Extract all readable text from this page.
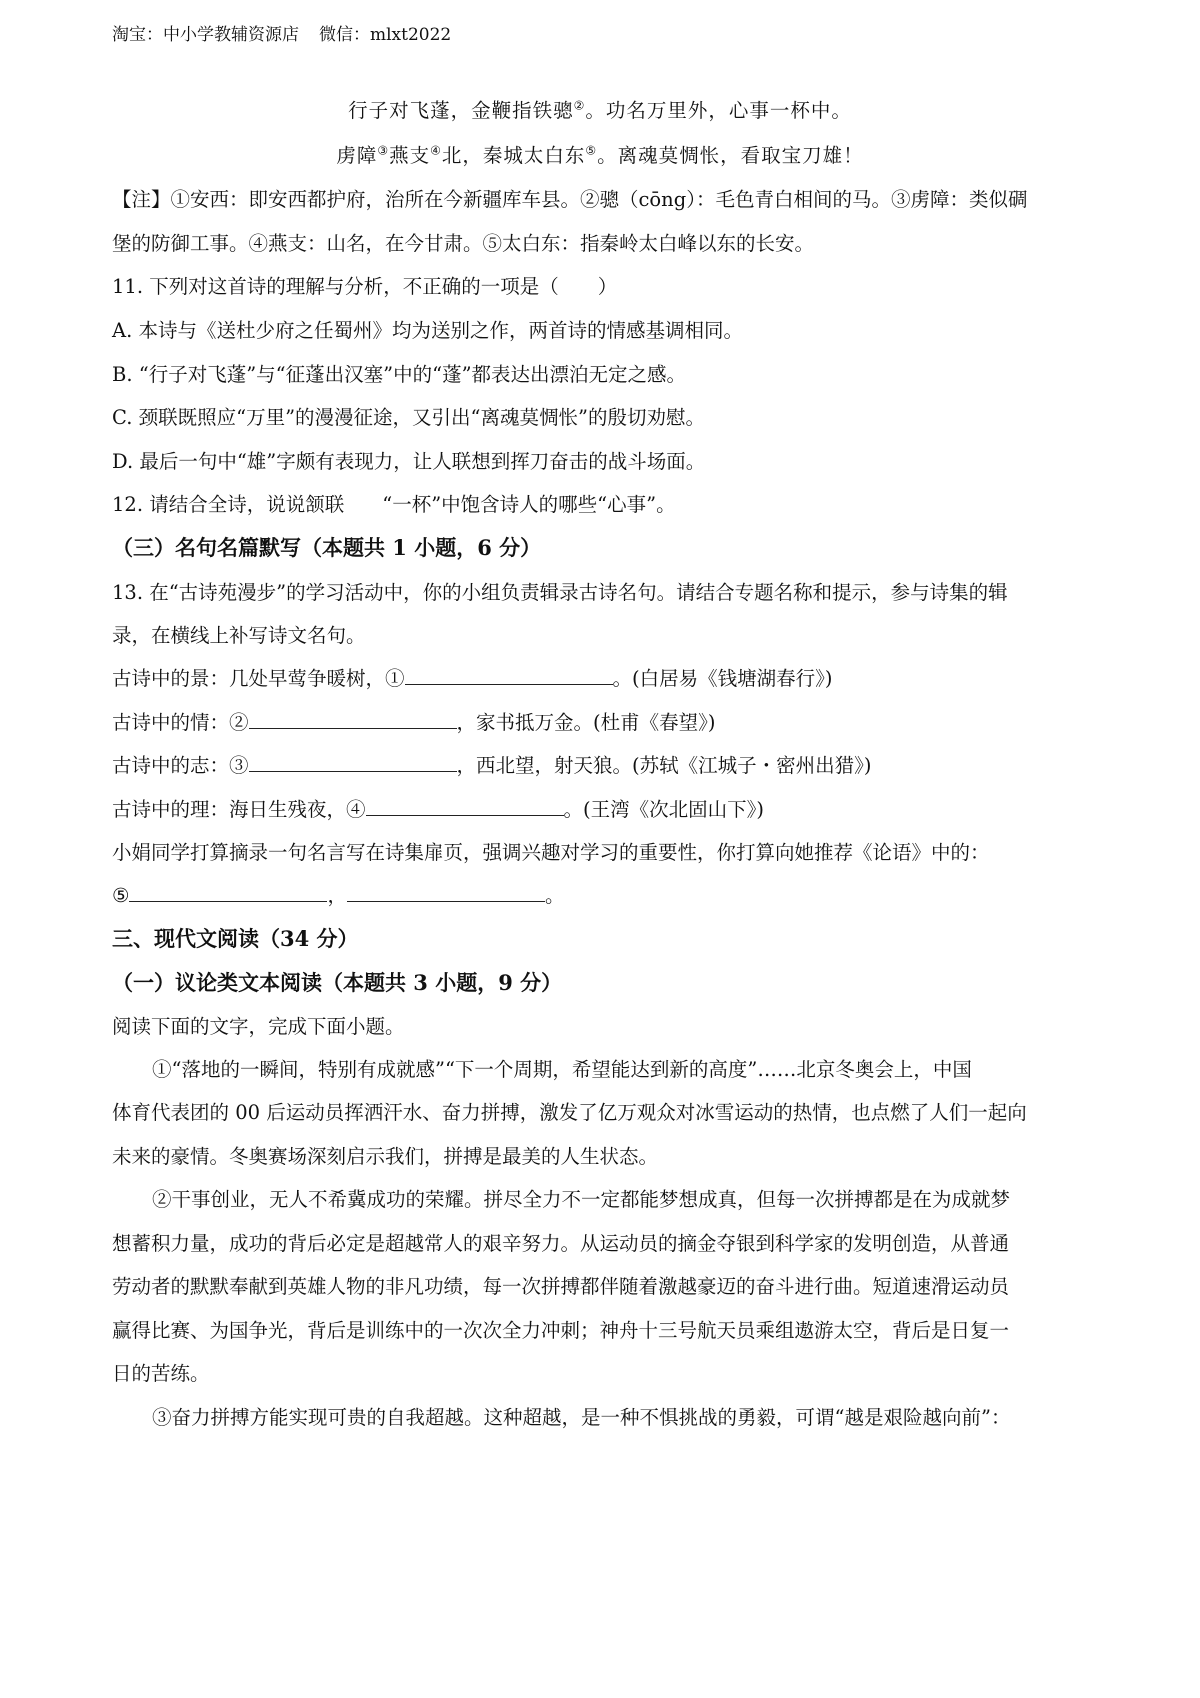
淘宝：中小学教辅资源店 微信：mlxt2022
行子对飞蓬，金鞭指铁骢②。功名万里外，心事一杯中。
虏障③燕支④北，秦城太白东⑤。离魂莫惆怅，看取宝刀雄！
【注】①安西：即安西都护府，治所在今新疆库车县。②骢（cōng）：毛色青白相间的马。③虏障：类似碉
堡的防御工事。④燕支：山名，在今甘肃。⑤太白东：指秦岭太白峰以东的长安。
11. 下列对这首诗的理解与分析，不正确的一项是（　　）
A. 本诗与《送杜少府之任蜀州》均为送别之作，两首诗的情感基调相同。
B. “行子对飞蓬”与“征蓬出汉塞”中的“蓬”都表达出漂泊无定之感。
C. 颈联既照应“万里”的漫漫征途，又引出“离魂莫惆怅”的殷切劝慰。
D. 最后一句中“雄”字颇有表现力，让人联想到挥刀奋击的战斗场面。
12. 请结合全诗，说说颔联 “一杯”中饱含诗人的哪些“心事”。
（三）名句名篇默写（本题共 1 小题，6 分）
13. 在“古诗苑漫步”的学习活动中，你的小组负责辑录古诗名句。请结合专题名称和提示，参与诗集的辑
录，在横线上补写诗文名句。
古诗中的景：几处早莺争暖树，①	。(白居易《钱塘湖春行》)
古诗中的情：②	，家书抵万金。(杜甫《春望》)
古诗中的志：③	，西北望，射天狼。(苏轼《江城子・密州出猎》)
古诗中的理：海日生残夜，④	。(王湾《次北固山下》)
小娟同学打算摘录一句名言写在诗集扉页，强调兴趣对学习的重要性，你打算向她推荐《论语》中的：
⑤	，	。
三、现代文阅读（34 分）
（一）议论类文本阅读（本题共 3 小题，9 分）
阅读下面的文字，完成下面小题。
①“落地的一瞬间，特别有成就感”“下一个周期，希望能达到新的高度”……北京冬奥会上，中国
体育代表团的 00 后运动员挥洒汗水、奋力拼搏，激发了亿万观众对冰雪运动的热情，也点燃了人们一起向
未来的豪情。冬奥赛场深刻启示我们，拼搏是最美的人生状态。
②干事创业，无人不希冀成功的荣耀。拼尽全力不一定都能梦想成真，但每一次拼搏都是在为成就梦
想蓄积力量，成功的背后必定是超越常人的艰辛努力。从运动员的摘金夺银到科学家的发明创造，从普通
劳动者的默默奉献到英雄人物的非凡功绩，每一次拼搏都伴随着激越豪迈的奋斗进行曲。短道速滑运动员
赢得比赛、为国争光，背后是训练中的一次次全力冲刺；神舟十三号航天员乘组遨游太空，背后是日复一
日的苦练。
③奋力拼搏方能实现可贵的自我超越。这种超越，是一种不惧挑战的勇毅，可谓“越是艰险越向前”：
